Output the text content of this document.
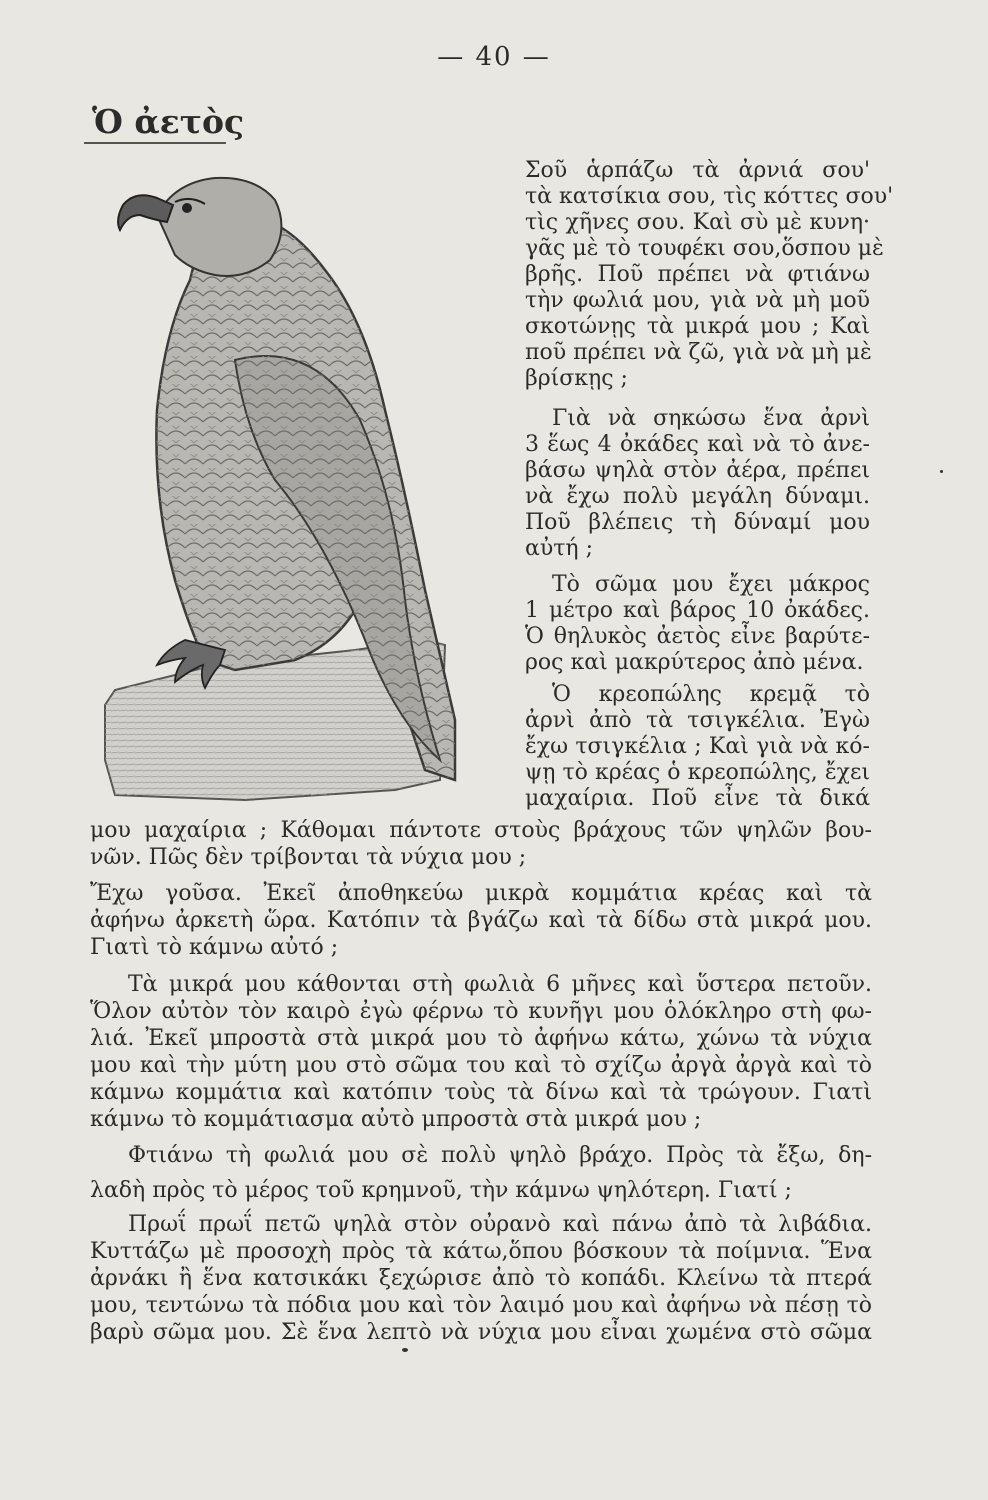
— 40 —
Ὁ ἀετὸς
Σοῦ ἁρπάζω τὰ ἀρνιά σου'
τὰ κατσίκια σου, τὶς κόττες σου'
τὶς χῆνες σου. Καὶ σὺ μὲ κυνη·
γᾶς μὲ τὸ τουφέκι σου,ὅσπου μὲ
βρῆς. Ποῦ πρέπει νὰ φτιάνω
τὴν φωλιά μου, γιὰ νὰ μὴ μοῦ
σκοτώνῃς τὰ μικρά μου ; Καὶ
ποῦ πρέπει νὰ ζῶ, γιὰ νὰ μὴ μὲ
βρίσκῃς ;
Γιὰ νὰ σηκώσω ἕνα ἀρνὶ
3 ἕως 4 ὀκάδες καὶ νὰ τὸ ἀνε-
βάσω ψηλὰ στὸν ἀέρα, πρέπει
νὰ ἔχω πολὺ μεγάλη δύναμι.
Ποῦ βλέπεις τὴ δύναμί μου
αὐτή ;
Τὸ σῶμα μου ἔχει μάκρος
1 μέτρο καὶ βάρος 10 ὀκάδες.
Ὁ θηλυκὸς ἀετὸς εἶνε βαρύτε-
ρος καὶ μακρύτερος ἀπὸ μένα.
Ὁ κρεοπώλης κρεμᾷ τὸ
ἀρνὶ ἀπὸ τὰ τσιγκέλια. Ἐγὼ
ἔχω τσιγκέλια ; Καὶ γιὰ νὰ κό-
ψῃ τὸ κρέας ὁ κρεοπώλης, ἔχει
μαχαίρια. Ποῦ εἶνε τὰ δικά
μου μαχαίρια ; Κάθομαι πάντοτε στοὺς βράχους τῶν ψηλῶν βου-
νῶν. Πῶς δὲν τρίβονται τὰ νύχια μου ;
Ἔχω γοῦσα. Ἐκεῖ ἀποθηκεύω μικρὰ κομμάτια κρέας καὶ τὰ
ἀφήνω ἀρκετὴ ὥρα. Κατόπιν τὰ βγάζω καὶ τὰ δίδω στὰ μικρά μου.
Γιατὶ τὸ κάμνω αὐτό ;
Τὰ μικρά μου κάθονται στὴ φωλιὰ 6 μῆνες καὶ ὕστερα πετοῦν.
Ὅλον αὐτὸν τὸν καιρὸ ἐγὼ φέρνω τὸ κυνῆγι μου ὁλόκληρο στὴ φω-
λιά. Ἐκεῖ μπροστὰ στὰ μικρά μου τὸ ἀφήνω κάτω, χώνω τὰ νύχια
μου καὶ τὴν μύτη μου στὸ σῶμα του καὶ τὸ σχίζω ἀργὰ ἀργὰ καὶ τὸ
κάμνω κομμάτια καὶ κατόπιν τοὺς τὰ δίνω καὶ τὰ τρώγουν. Γιατὶ
κάμνω τὸ κομμάτιασμα αὐτὸ μπροστὰ στὰ μικρά μου ;
Φτιάνω τὴ φωλιά μου σὲ πολὺ ψηλὸ βράχο. Πρὸς τὰ ἔξω, δη-
λαδὴ πρὸς τὸ μέρος τοῦ κρημνοῦ, τὴν κάμνω ψηλότερη. Γιατί ;
Πρωΐ πρωΐ πετῶ ψηλὰ στὸν οὐρανὸ καὶ πάνω ἀπὸ τὰ λιβάδια.
Κυττάζω μὲ προσοχὴ πρὸς τὰ κάτω,ὅπου βόσκουν τὰ ποίμνια. Ἕνα
ἀρνάκι ἢ ἕνα κατσικάκι ξεχώρισε ἀπὸ τὸ κοπάδι. Κλείνω τὰ πτερά
μου, τεντώνω τὰ πόδια μου καὶ τὸν λαιμό μου καὶ ἀφήνω νὰ πέσῃ τὸ
βαρὺ σῶμα μου. Σὲ ἕνα λεπτὸ νὰ νύχια μου εἶναι χωμένα στὸ σῶμα
